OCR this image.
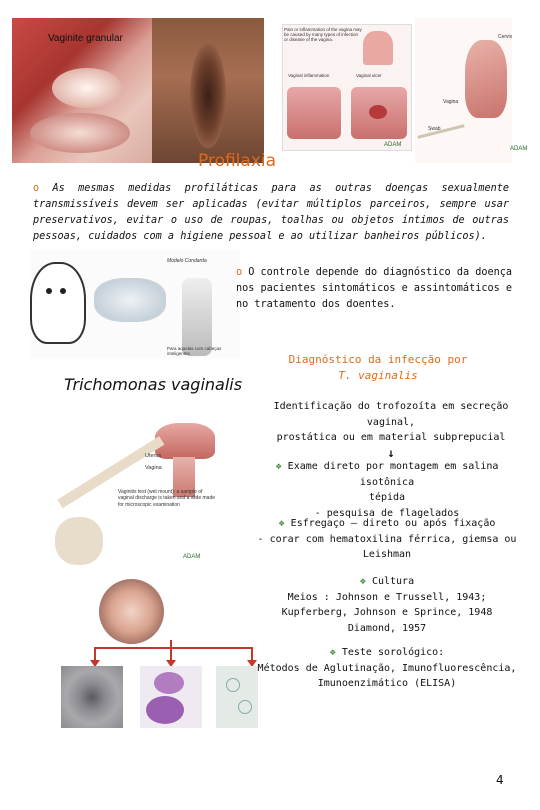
Vaginite granular
Pain or inflammation of the vagina may be caused by many types of infection or disease of the vagina.
Vaginal inflammation	Vaginal ulcer
Cervix
Vagina
Swab
ADAM
ADAM
Profilaxia
o As mesmas medidas profiláticas para as outras doenças sexualmente transmissíveis devem ser aplicadas (evitar múltiplos parceiros, sempre usar preservativos, evitar o uso de roupas, toalhas ou objetos íntimos de outras pessoas, cuidados com a higiene pessoal e ao utilizar banheiros públicos).
Modelo Condarda
Para aquelas com cabeças inteligentes
o O controle depende do diagnóstico da doença nos pacientes sintomáticos e assintomáticos e no tratamento dos doentes.
Trichomonas vaginalis
Uterus
Vagina
Vaginitis test (wet mount): a sample of vaginal discharge is taken and a slide made for microscopic examination
ADAM
Diagnóstico da infecção por
T. vaginalis
Identificação do trofozoíta em secreção
vaginal,
prostática ou em material subprepucial
↓
❖ Exame direto por montagem em salina isotônica
tépida
- pesquisa de flagelados
❖ Esfregaço – direto ou após fixação
- corar com hematoxilina férrica, giemsa ou
Leishman
❖ Cultura
Meios : Johnson e Trussell, 1943;
Kupferberg, Johnson e Sprince, 1948
Diamond, 1957
❖ Teste sorológico:
Métodos de Aglutinação, Imunofluorescência,
Imunoenzimático (ELISA)
4
